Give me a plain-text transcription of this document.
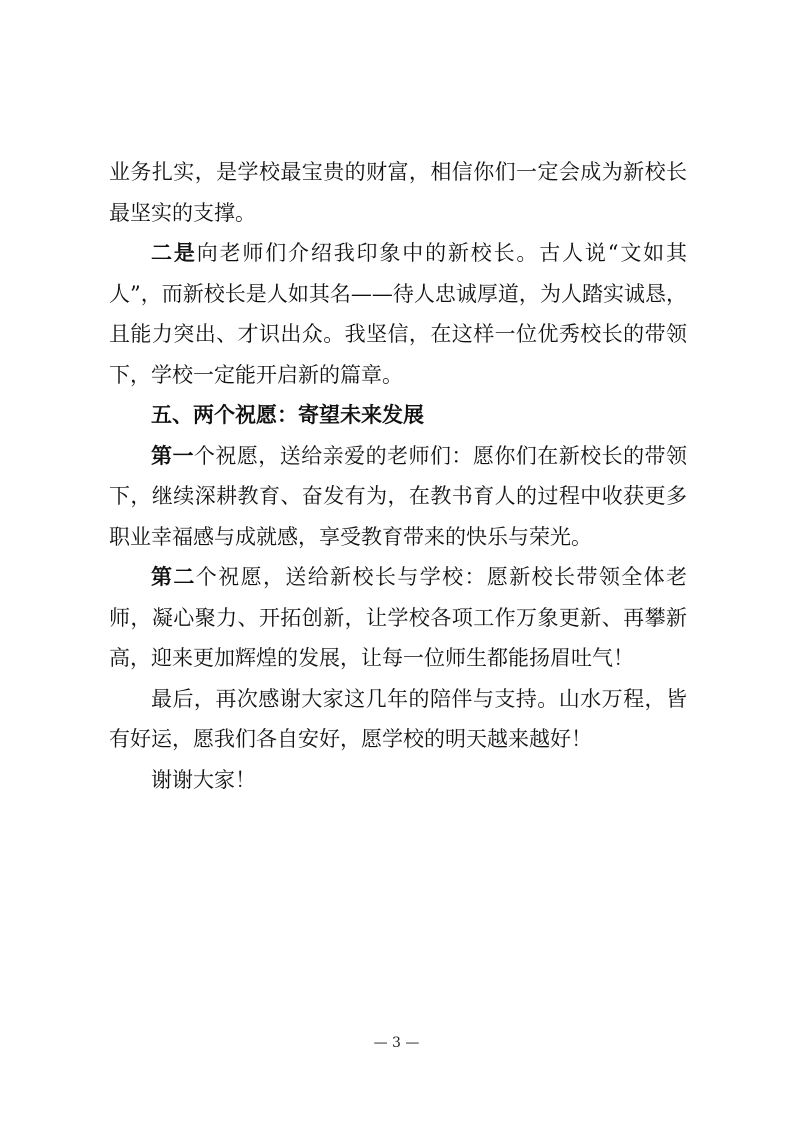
业务扎实，是学校最宝贵的财富，相信你们一定会成为新校长最坚实的支撑。

二是向老师们介绍我印象中的新校长。古人说“文如其人”，而新校长是人如其名——待人忠诚厚道，为人踏实诚恳，且能力突出、才识出众。我坚信，在这样一位优秀校长的带领下，学校一定能开启新的篇章。

五、两个祝愿：寄望未来发展

第一个祝愿，送给亲爱的老师们：愿你们在新校长的带领下，继续深耕教育、奋发有为，在教书育人的过程中收获更多职业幸福感与成就感，享受教育带来的快乐与荣光。

第二个祝愿，送给新校长与学校：愿新校长带领全体老师，凝心聚力、开拓创新，让学校各项工作万象更新、再攀新高，迎来更加辉煌的发展，让每一位师生都能扬眉吐气！

最后，再次感谢大家这几年的陪伴与支持。山水万程，皆有好运，愿我们各自安好，愿学校的明天越来越好！

谢谢大家！

— 3 —
